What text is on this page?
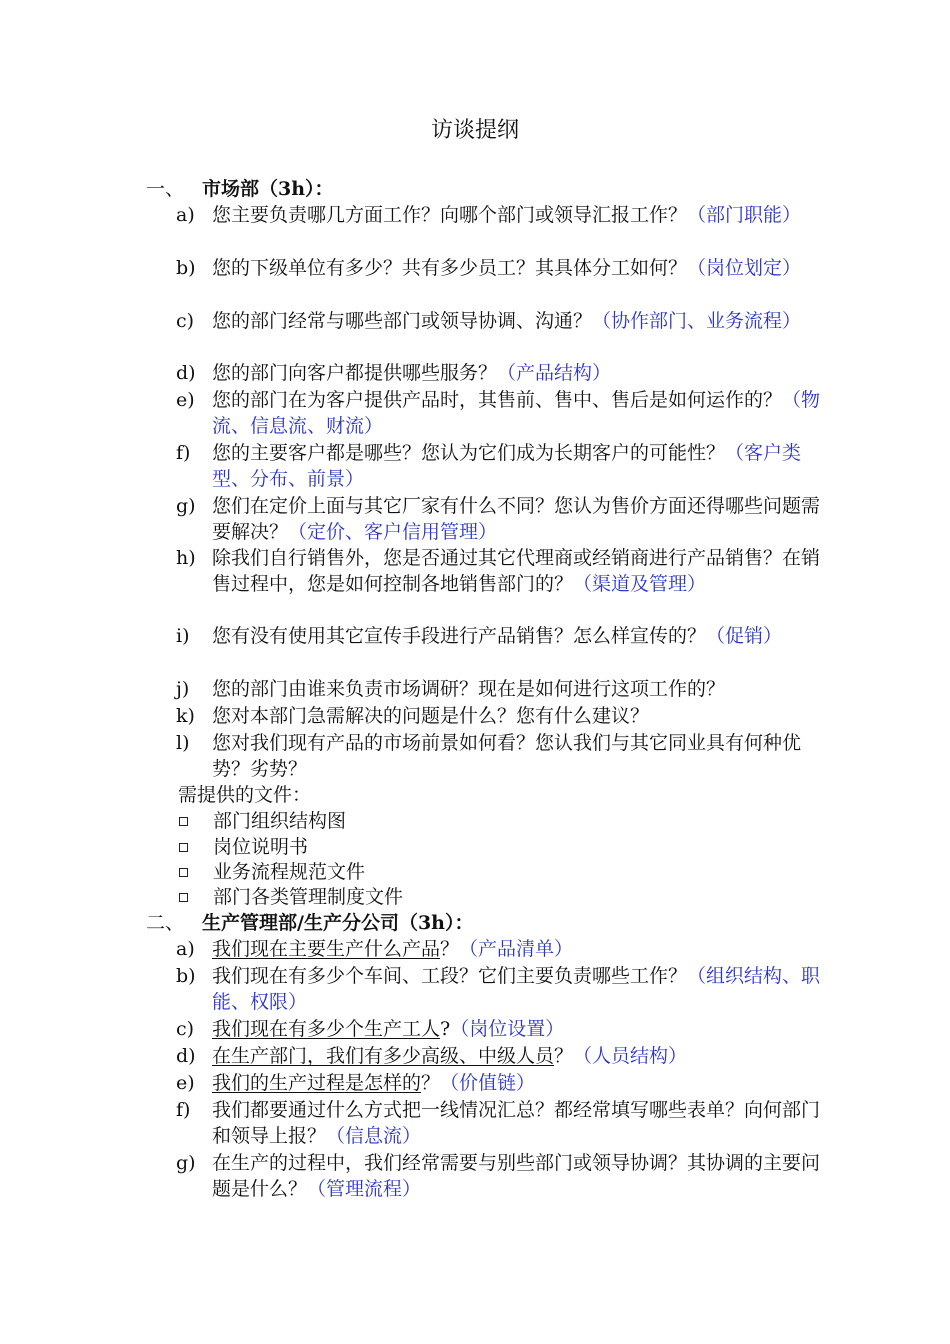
访谈提纲
一、 市场部（3h）：
a) 您主要负责哪几方面工作？向哪个部门或领导汇报工作？（部门职能）
b) 您的下级单位有多少？共有多少员工？其具体分工如何？（岗位划定）
c) 您的部门经常与哪些部门或领导协调、沟通？（协作部门、业务流程）
d) 您的部门向客户都提供哪些服务？（产品结构）
e) 您的部门在为客户提供产品时，其售前、售中、售后是如何运作的？（物流、信息流、财流）
f) 您的主要客户都是哪些？您认为它们成为长期客户的可能性？（客户类型、分布、前景）
g) 您们在定价上面与其它厂家有什么不同？您认为售价方面还得哪些问题需要解决？（定价、客户信用管理）
h) 除我们自行销售外，您是否通过其它代理商或经销商进行产品销售？在销售过程中，您是如何控制各地销售部门的？（渠道及管理）
i) 您有没有使用其它宣传手段进行产品销售？怎么样宣传的？（促销）
j) 您的部门由谁来负责市场调研？现在是如何进行这项工作的？
k) 您对本部门急需解决的问题是什么？您有什么建议？
l) 您对我们现有产品的市场前景如何看？您认我们与其它同业具有何种优势？劣势？
需提供的文件：
部门组织结构图
岗位说明书
业务流程规范文件
部门各类管理制度文件
二、 生产管理部/生产分公司（3h）：
a) 我们现在主要生产什么产品？（产品清单）
b) 我们现在有多少个车间、工段？它们主要负责哪些工作？（组织结构、职能、权限）
c) 我们现在有多少个生产工人?（岗位设置）
d) 在生产部门，我们有多少高级、中级人员？（人员结构）
e) 我们的生产过程是怎样的？（价值链）
f) 我们都要通过什么方式把一线情况汇总？都经常填写哪些表单？向何部门和领导上报？（信息流）
g) 在生产的过程中，我们经常需要与别些部门或领导协调？其协调的主要问题是什么？（管理流程）
